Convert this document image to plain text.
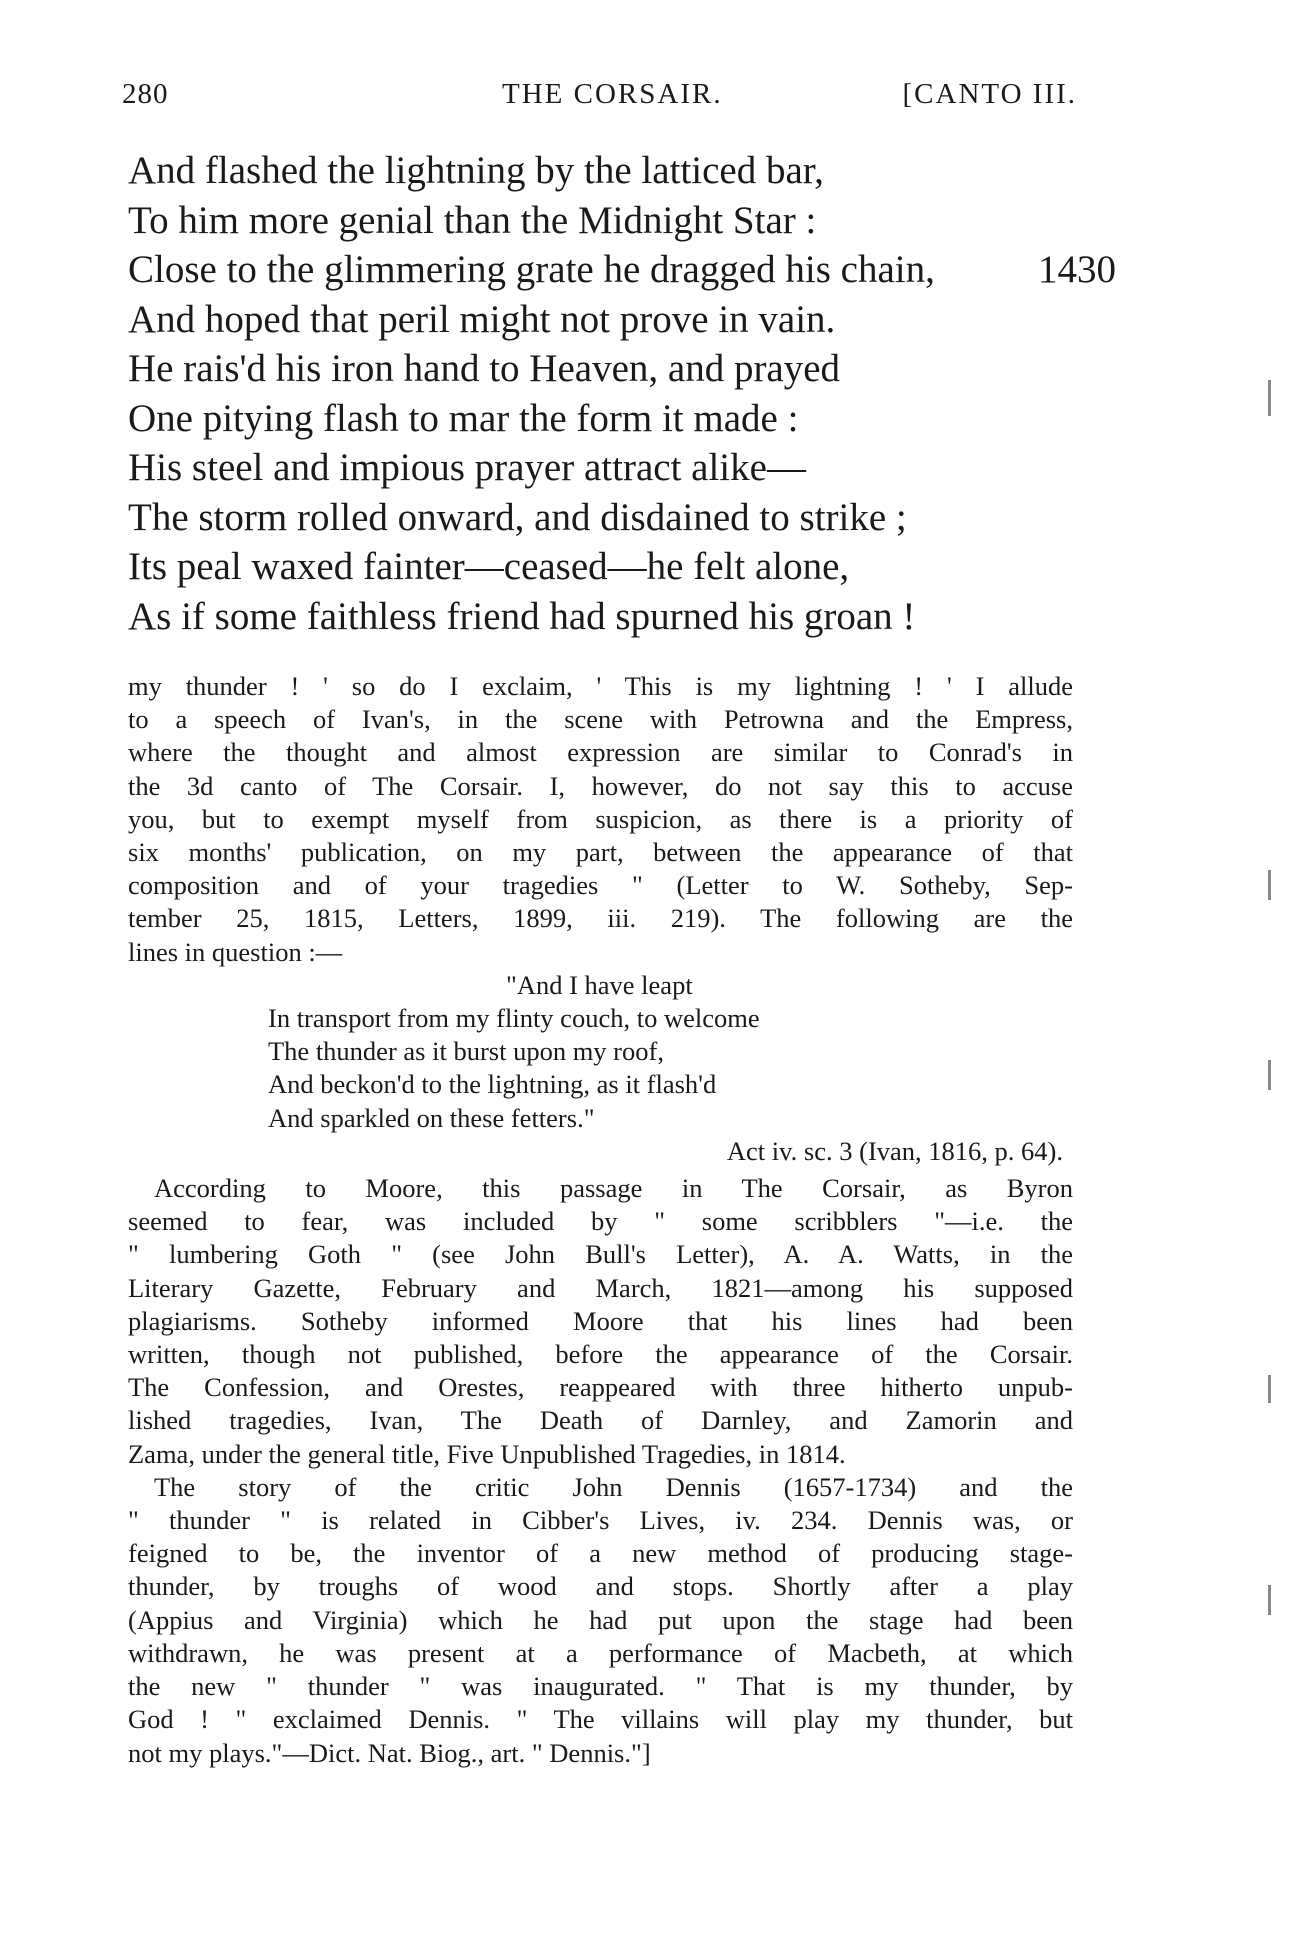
280	THE CORSAIR.	[CANTO III.
And flashed the lightning by the latticed bar,
To him more genial than the Midnight Star :
Close to the glimmering grate he dragged his chain,	1430
And hoped that peril might not prove in vain.
He rais'd his iron hand to Heaven, and prayed
One pitying flash to mar the form it made :
His steel and impious prayer attract alike—
The storm rolled onward, and disdained to strike ;
Its peal waxed fainter—ceased—he felt alone,
As if some faithless friend had spurned his groan !

my thunder ! ' so do I exclaim, ' This is my lightning ! ' I allude

to a speech of Ivan's, in the scene with Petrowna and the Empress,

where the thought and almost expression are similar to Conrad's in

the 3d canto of The Corsair. I, however, do not say this to accuse

you, but to exempt myself from suspicion, as there is a priority of

six months' publication, on my part, between the appearance of that

composition and of your tragedies " (Letter to W. Sotheby, Sep-

tember 25, 1815, Letters, 1899, iii. 219). The following are the

lines in question :—

"And I have leapt

In transport from my flinty couch, to welcome

The thunder as it burst upon my roof,

And beckon'd to the lightning, as it flash'd

And sparkled on these fetters."

Act iv. sc. 3 (Ivan, 1816, p. 64).

According to Moore, this passage in The Corsair, as Byron

seemed to fear, was included by " some scribblers "—i.e. the

" lumbering Goth " (see John Bull's Letter), A. A. Watts, in the

Literary Gazette, February and March, 1821—among his supposed

plagiarisms. Sotheby informed Moore that his lines had been

written, though not published, before the appearance of the Corsair.

The Confession, and Orestes, reappeared with three hitherto unpub-

lished tragedies, Ivan, The Death of Darnley, and Zamorin and

Zama, under the general title, Five Unpublished Tragedies, in 1814.

The story of the critic John Dennis (1657-1734) and the

" thunder " is related in Cibber's Lives, iv. 234. Dennis was, or

feigned to be, the inventor of a new method of producing stage-

thunder, by troughs of wood and stops. Shortly after a play

(Appius and Virginia) which he had put upon the stage had been

withdrawn, he was present at a performance of Macbeth, at which

the new " thunder " was inaugurated. " That is my thunder, by

God ! " exclaimed Dennis. " The villains will play my thunder, but

not my plays."—Dict. Nat. Biog., art. " Dennis."]
